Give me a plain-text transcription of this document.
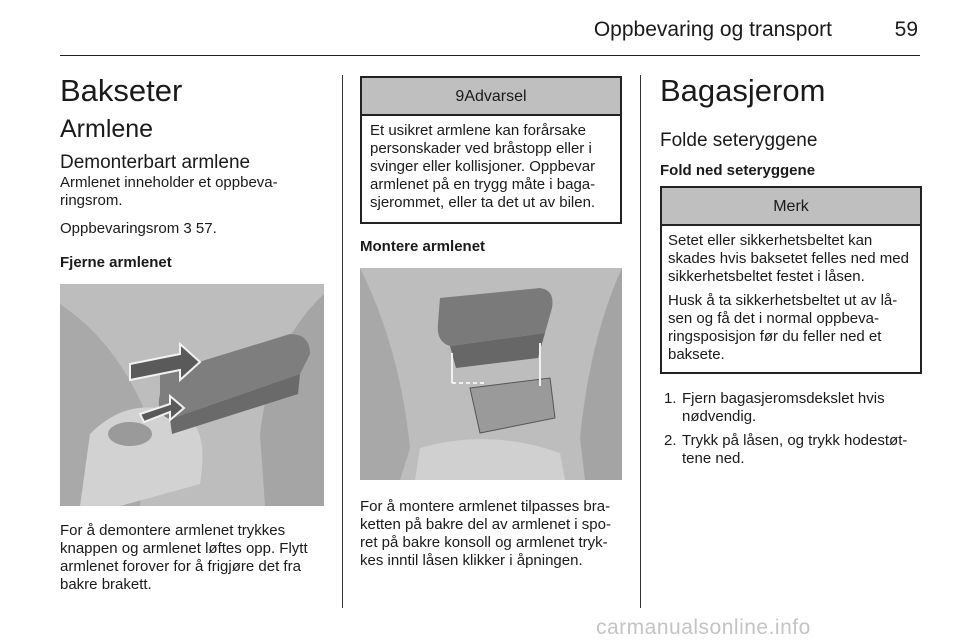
Oppbevaring og transport	59
Bakseter
Armlene
Demonterbart armlene

Armlenet inneholder et oppbeva-ringsrom.

Oppbevaringsrom 3 57.

Fjerne armlenet

For å demontere armlenet trykkes knappen og armlenet løftes opp. Flytt armlenet forover for å frigjøre det fra bakre brakett.

9Advarsel
Et usikret armlene kan forårsake personskader ved bråstopp eller i svinger eller kollisjoner. Oppbevar armlenet på en trygg måte i baga-sjerommet, eller ta det ut av bilen.
Montere armlenet

For å montere armlenet tilpasses bra-ketten på bakre del av armlenet i spo-ret på bakre konsoll og armlenet tryk-kes inntil låsen klikker i åpningen.

Bagasjerom
Folde seteryggene
Fold ned seteryggene
Merk

Setet eller sikkerhetsbeltet kan skades hvis baksetet felles ned med sikkerhetsbeltet festet i låsen.

Husk å ta sikkerhetsbeltet ut av lå-sen og få det i normal oppbeva-ringsposisjon før du feller ned et baksete.

1. Fjern bagasjeromsdekslet hvis nødvendig.
2. Trykk på låsen, og trykk hodestøt-tene ned.
carmanualsonline.info
